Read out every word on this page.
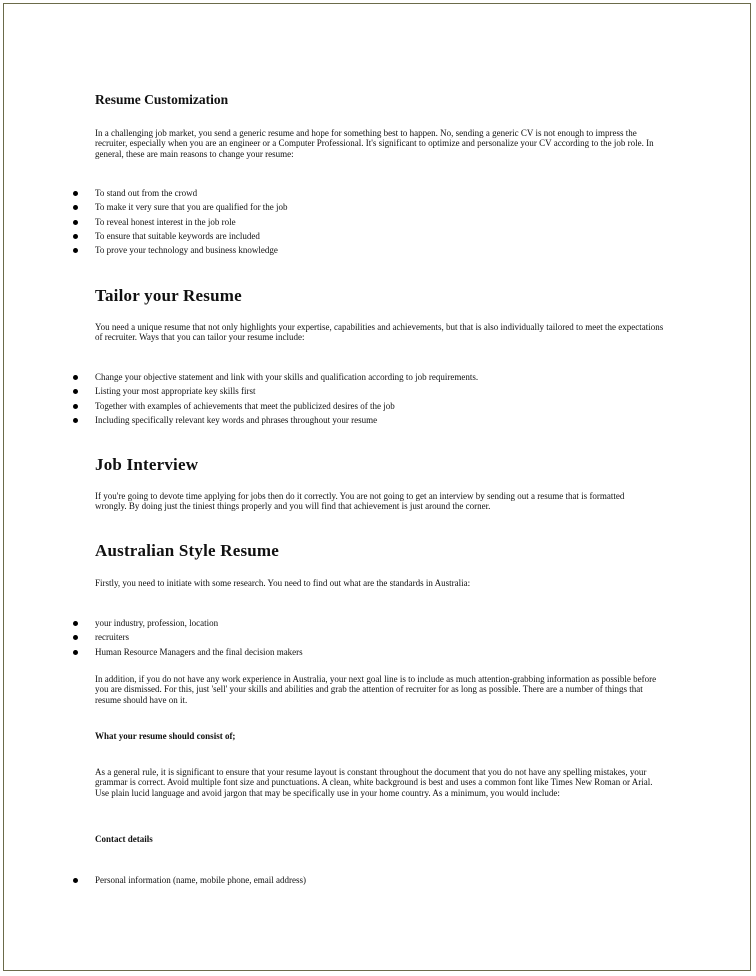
Resume Customization
In a challenging job market, you send a generic resume and hope for something best to happen. No, sending a generic CV is not enough to impress the recruiter, especially when you are an engineer or a Computer Professional. It's significant to optimize and personalize your CV according to the job role. In general, these are main reasons to change your resume:
To stand out from the crowd
To make it very sure that you are qualified for the job
To reveal honest interest in the job role
To ensure that suitable keywords are included
To prove your technology and business knowledge
Tailor your Resume
You need a unique resume that not only highlights your expertise, capabilities and achievements, but that is also individually tailored to meet the expectations of recruiter. Ways that you can tailor your resume include:
Change your objective statement and link with your skills and qualification according to job requirements.
Listing your most appropriate key skills first
Together with examples of achievements that meet the publicized desires of the job
Including specifically relevant key words and phrases throughout your resume
Job Interview
If you're going to devote time applying for jobs then do it correctly. You are not going to get an interview by sending out a resume that is formatted wrongly. By doing just the tiniest things properly and you will find that achievement is just around the corner.
Australian Style Resume
Firstly, you need to initiate with some research. You need to find out what are the standards in Australia:
your industry, profession, location
recruiters
Human Resource Managers and the final decision makers
In addition, if you do not have any work experience in Australia, your next goal line is to include as much attention-grabbing information as possible before you are dismissed. For this, just 'sell' your skills and abilities and grab the attention of recruiter for as long as possible. There are a number of things that resume should have on it.
What your resume should consist of;
As a general rule, it is significant to ensure that your resume layout is constant throughout the document that you do not have any spelling mistakes, your grammar is correct. Avoid multiple font size and punctuations. A clean, white background is best and uses a common font like Times New Roman or Arial. Use plain lucid language and avoid jargon that may be specifically use in your home country. As a minimum, you would include:
Contact details
Personal information (name, mobile phone, email address)
